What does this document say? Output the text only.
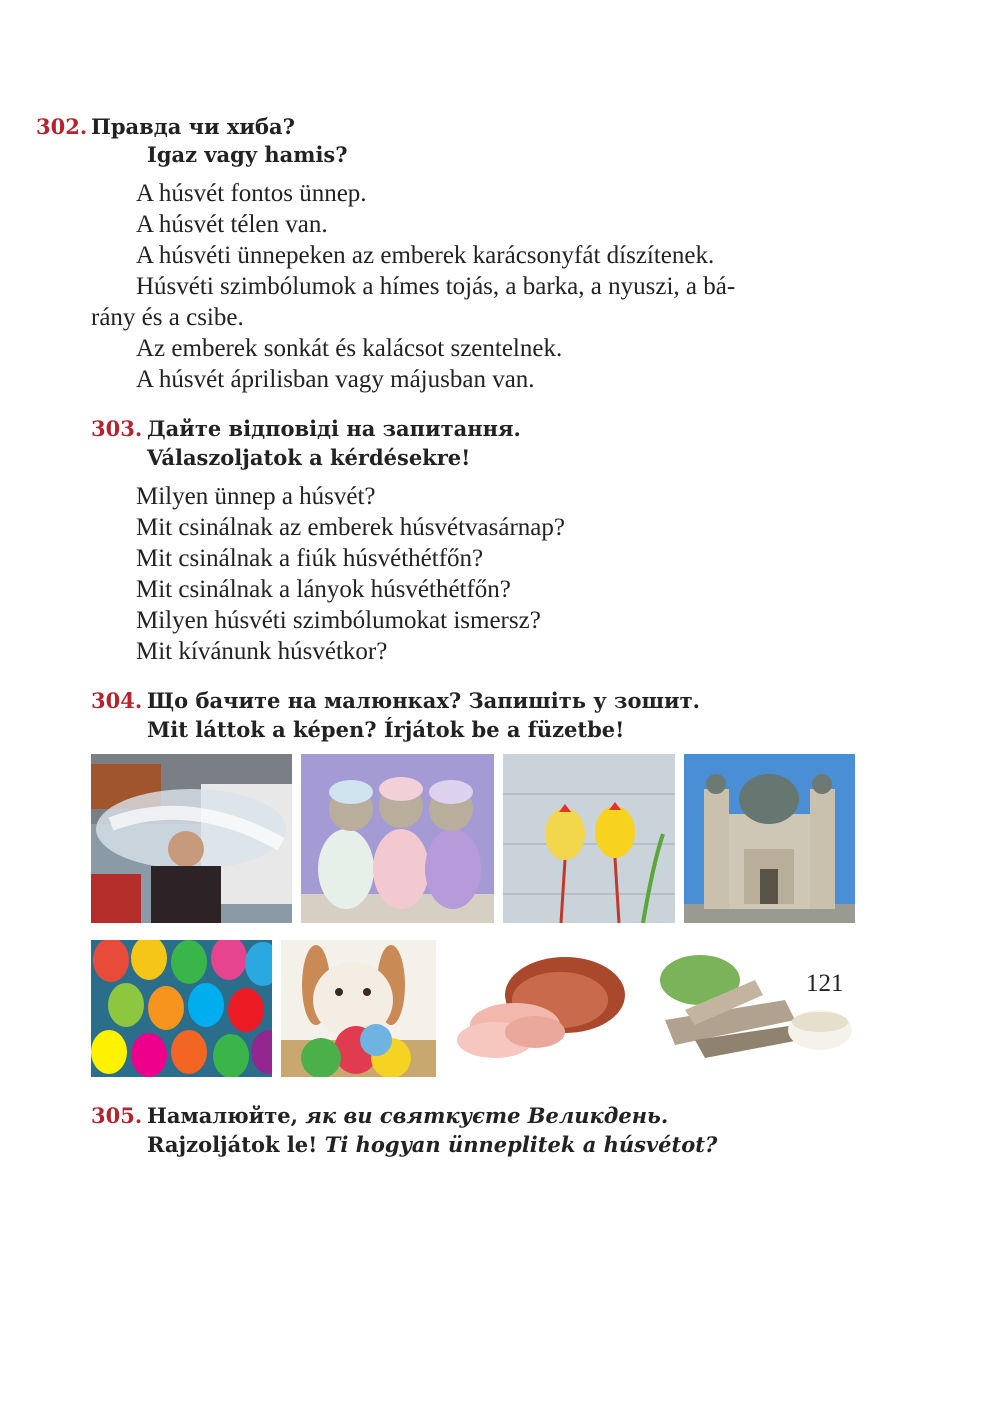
302. Правда чи хиба?
Igaz vagy hamis?
A húsvét fontos ünnep.
A húsvét télen van.
A húsvéti ünnepeken az emberek karácsonyfát díszítenek.
Húsvéti szimbólumok a hímes tojás, a barka, a nyuszi, a bá-
rány és a csibe.
Az emberek sonkát és kalácsot szentelnek.
A húsvét áprilisban vagy májusban van.
303. Дайте відповіді на запитання.
Válaszoljatok a kérdésekre!
Milyen ünnep a húsvét?
Mit csinálnak az emberek húsvétvasárnap?
Mit csinálnak a fiúk húsvéthétfőn?
Mit csinálnak a lányok húsvéthétfőn?
Milyen húsvéti szimbólumokat ismersz?
Mit kívánunk húsvétkor?
304. Що бачите на малюнках? Запишіть у зошит.
Mit láttok a képen? Írjátok be a füzetbe!
305. Намалюйте, як ви святкуєте Великдень.
Rajzoljátok le! Ti hogyan ünneplitek a húsvétot?
121
